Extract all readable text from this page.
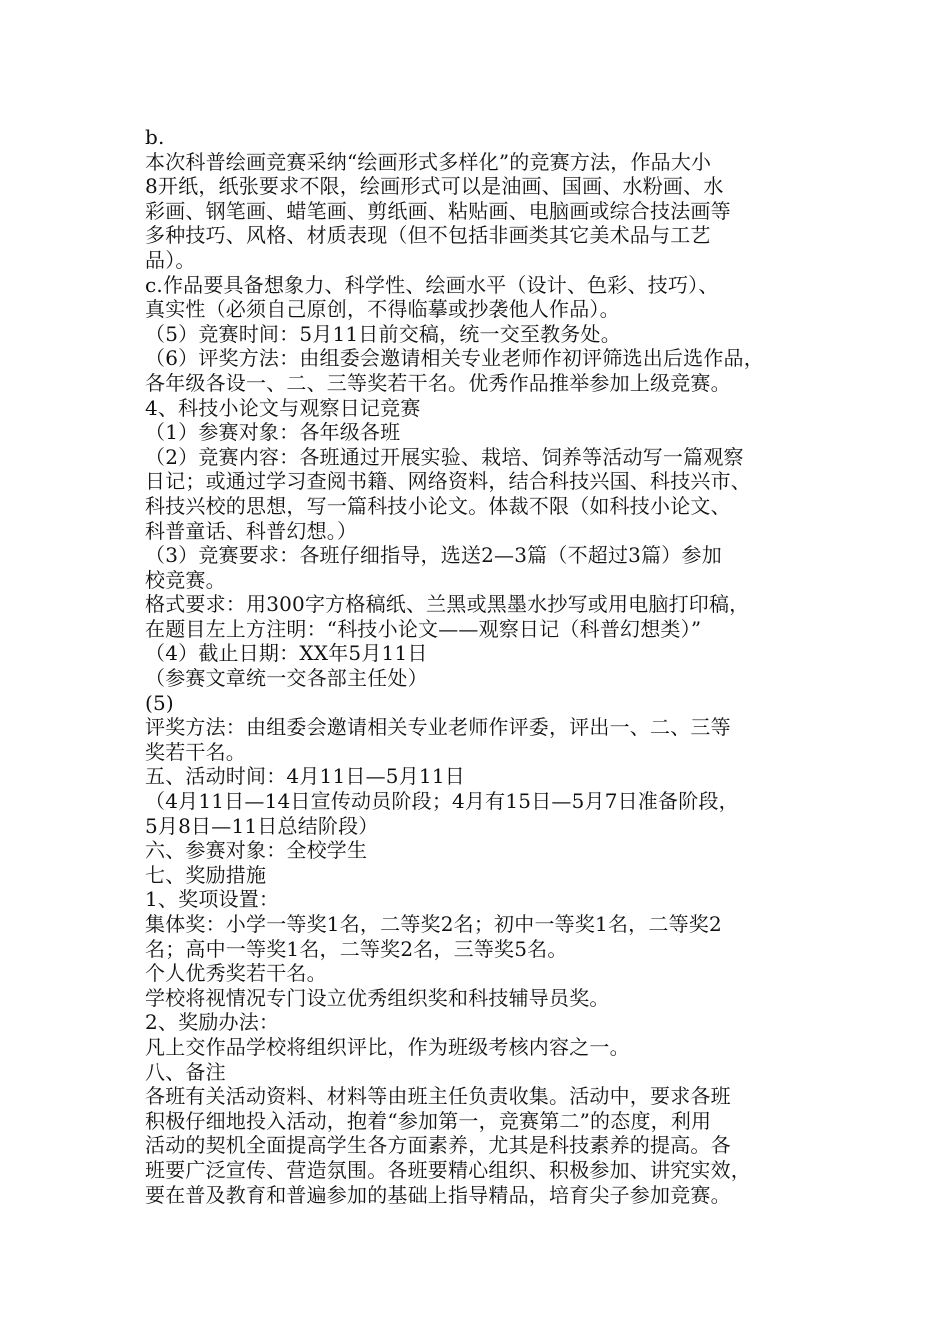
b.
本次科普绘画竞赛采纳“绘画形式多样化”的竞赛方法，作品大小
8开纸，纸张要求不限，绘画形式可以是油画、国画、水粉画、水
彩画、钢笔画、蜡笔画、剪纸画、粘贴画、电脑画或综合技法画等
多种技巧、风格、材质表现（但不包括非画类其它美术品与工艺
品）。
c.作品要具备想象力、科学性、绘画水平（设计、色彩、技巧）、
真实性（必须自己原创，不得临摹或抄袭他人作品）。
（5）竞赛时间：5月11日前交稿，统一交至教务处。
（6）评奖方法：由组委会邀请相关专业老师作初评筛选出后选作品，
各年级各设一、二、三等奖若干名。优秀作品推举参加上级竞赛。
4、科技小论文与观察日记竞赛
（1）参赛对象：各年级各班
（2）竞赛内容：各班通过开展实验、栽培、饲养等活动写一篇观察
日记；或通过学习查阅书籍、网络资料，结合科技兴国、科技兴市、
科技兴校的思想，写一篇科技小论文。体裁不限（如科技小论文、
科普童话、科普幻想。）
（3）竞赛要求：各班仔细指导，选送2—3篇（不超过3篇）参加
校竞赛。
格式要求：用300字方格稿纸、兰黑或黑墨水抄写或用电脑打印稿，
在题目左上方注明：“科技小论文——观察日记（科普幻想类）”
（4）截止日期：XX年5月11日
（参赛文章统一交各部主任处）
(5)
评奖方法：由组委会邀请相关专业老师作评委，评出一、二、三等
奖若干名。
五、活动时间：4月11日—5月11日
（4月11日—14日宣传动员阶段；4月有15日—5月7日准备阶段，
5月8日—11日总结阶段）
六、参赛对象：全校学生
七、奖励措施
1、奖项设置：
集体奖：小学一等奖1名，二等奖2名；初中一等奖1名，二等奖2
名；高中一等奖1名，二等奖2名，三等奖5名。
个人优秀奖若干名。
学校将视情况专门设立优秀组织奖和科技辅导员奖。
2、奖励办法：
凡上交作品学校将组织评比，作为班级考核内容之一。
八、备注
各班有关活动资料、材料等由班主任负责收集。活动中，要求各班
积极仔细地投入活动，抱着“参加第一，竞赛第二”的态度，利用
活动的契机全面提高学生各方面素养，尤其是科技素养的提高。各
班要广泛宣传、营造氛围。各班要精心组织、积极参加、讲究实效，
要在普及教育和普遍参加的基础上指导精品，培育尖子参加竞赛。
